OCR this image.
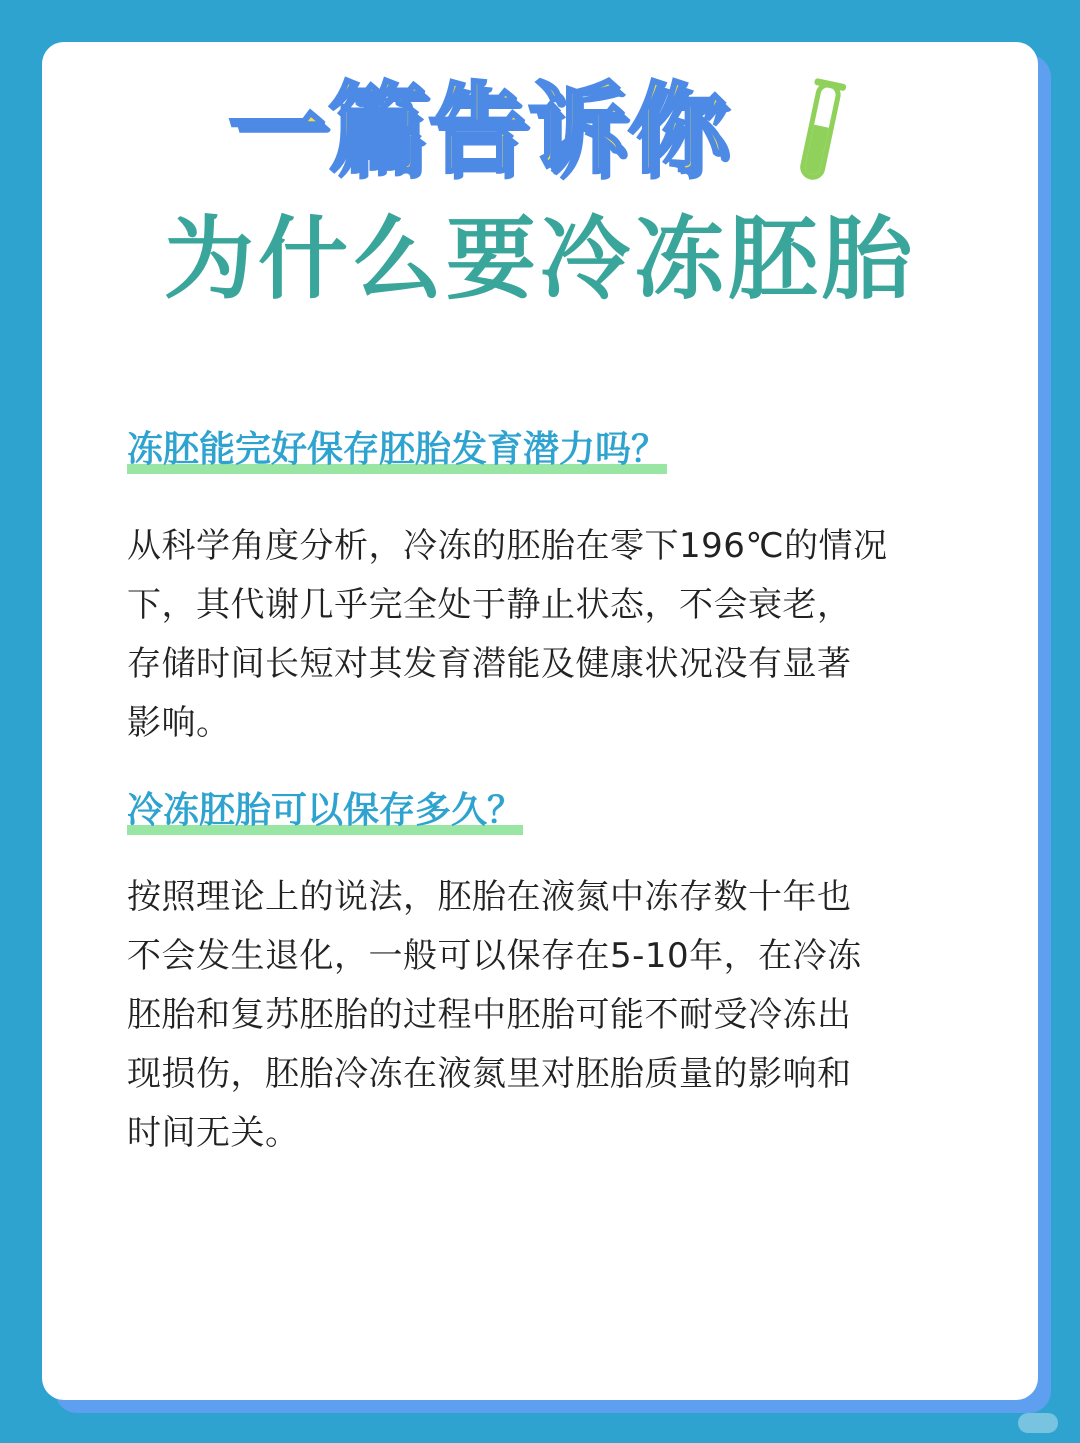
一篇告诉你
为什么要冷冻胚胎
冻胚能完好保存胚胎发育潜力吗？
从科学角度分析，冷冻的胚胎在零下196℃的情况
下，其代谢几乎完全处于静止状态，不会衰老，
存储时间长短对其发育潜能及健康状况没有显著
影响。
冷冻胚胎可以保存多久？
按照理论上的说法，胚胎在液氮中冻存数十年也
不会发生退化，一般可以保存在5-10年，在冷冻
胚胎和复苏胚胎的过程中胚胎可能不耐受冷冻出
现损伤，胚胎冷冻在液氮里对胚胎质量的影响和
时间无关。
